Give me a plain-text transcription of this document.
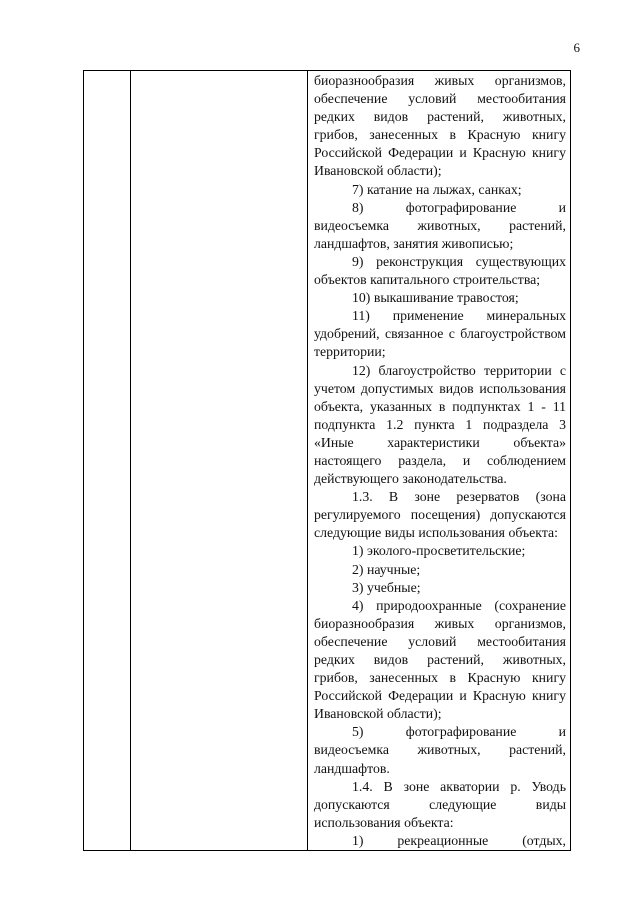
6

биоразнообразия живых организмов, обеспечение условий местообитания редких видов растений, животных, грибов, занесенных в Красную книгу Российской Федерации и Красную книгу Ивановской области);

7) катание на лыжах, санках;

8) фотографирование и видеосъемка животных, растений, ландшафтов, занятия живописью;

9) реконструкция существующих объектов капитального строительства;

10) выкашивание травостоя;

11) применение минеральных удобрений, связанное с благоустройством территории;

12) благоустройство территории с учетом допустимых видов использования объекта, указанных в подпунктах 1 - 11 подпункта 1.2 пункта 1 подраздела 3 «Иные характеристики объекта» настоящего раздела, и соблюдением действующего законодательства.

1.3. В зоне резерватов (зона регулируемого посещения) допускаются следующие виды использования объекта:

1) эколого-просветительские;

2) научные;

3) учебные;

4) природоохранные (сохранение биоразнообразия живых организмов, обеспечение условий местообитания редких видов растений, животных, грибов, занесенных в Красную книгу Российской Федерации и Красную книгу Ивановской области);

5) фотографирование и видеосъемка животных, растений, ландшафтов.

1.4. В зоне акватории р. Уводь допускаются следующие виды использования объекта:

1) рекреационные (отдых,
